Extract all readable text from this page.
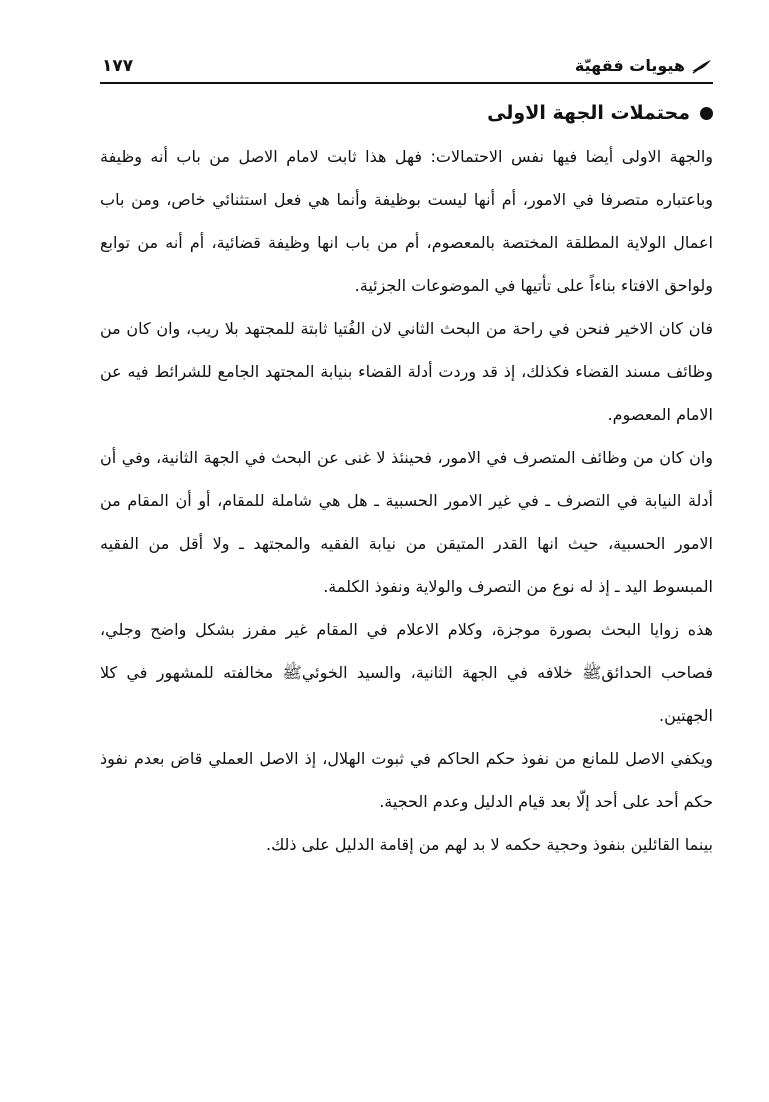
هيويات فقهيّة
١٧٧
محتملات الجهة الاولى

والجهة الاولى أيضا فيها نفس الاحتمالات: فهل هذا ثابت لامام الاصل من باب أنه وظيفة وباعتباره متصرفا في الامور، أم أنها ليست بوظيفة وأنما هي فعل استثنائي خاص، ومن باب اعمال الولاية المطلقة المختصة بالمعصوم، أم من باب انها وظيفة قضائية، أم أنه من توابع ولواحق الافتاء بناءاً على تأتيها في الموضوعات الجزئية.

فان كان الاخير فنحن في راحة من البحث الثاني لان الفُتيا ثابتة للمجتهد بلا ريب، وان كان من وظائف مسند القضاء فكذلك، إذ قد وردت أدلة القضاء بنيابة المجتهد الجامع للشرائط فيه عن الامام المعصوم.

وان كان من وظائف المتصرف في الامور، فحينئذ لا غنى عن البحث في الجهة الثانية، وفي أن أدلة النيابة في التصرف ـ في غير الامور الحسبية ـ هل هي شاملة للمقام، أو أن المقام من الامور الحسبية، حيث انها القدر المتيقن من نيابة الفقيه والمجتهد ـ ولا أقل من الفقيه المبسوط اليد ـ إذ له نوع من التصرف والولاية ونفوذ الكلمة.

هذه زوايا البحث بصورة موجزة، وكلام الاعلام في المقام غير مفرز بشكل واضح وجلي، فصاحب الحدائقﷺ خلافه في الجهة الثانية، والسيد الخوئيﷺ مخالفته للمشهور في كلا الجهتين.

ويكفي الاصل للمانع من نفوذ حكم الحاكم في ثبوت الهلال، إذ الاصل العملي قاض بعدم نفوذ حكم أحد على أحد إلّا بعد قيام الدليل وعدم الحجية.

بينما القائلين بنفوذ وحجية حكمه لا بد لهم من إقامة الدليل على ذلك.
